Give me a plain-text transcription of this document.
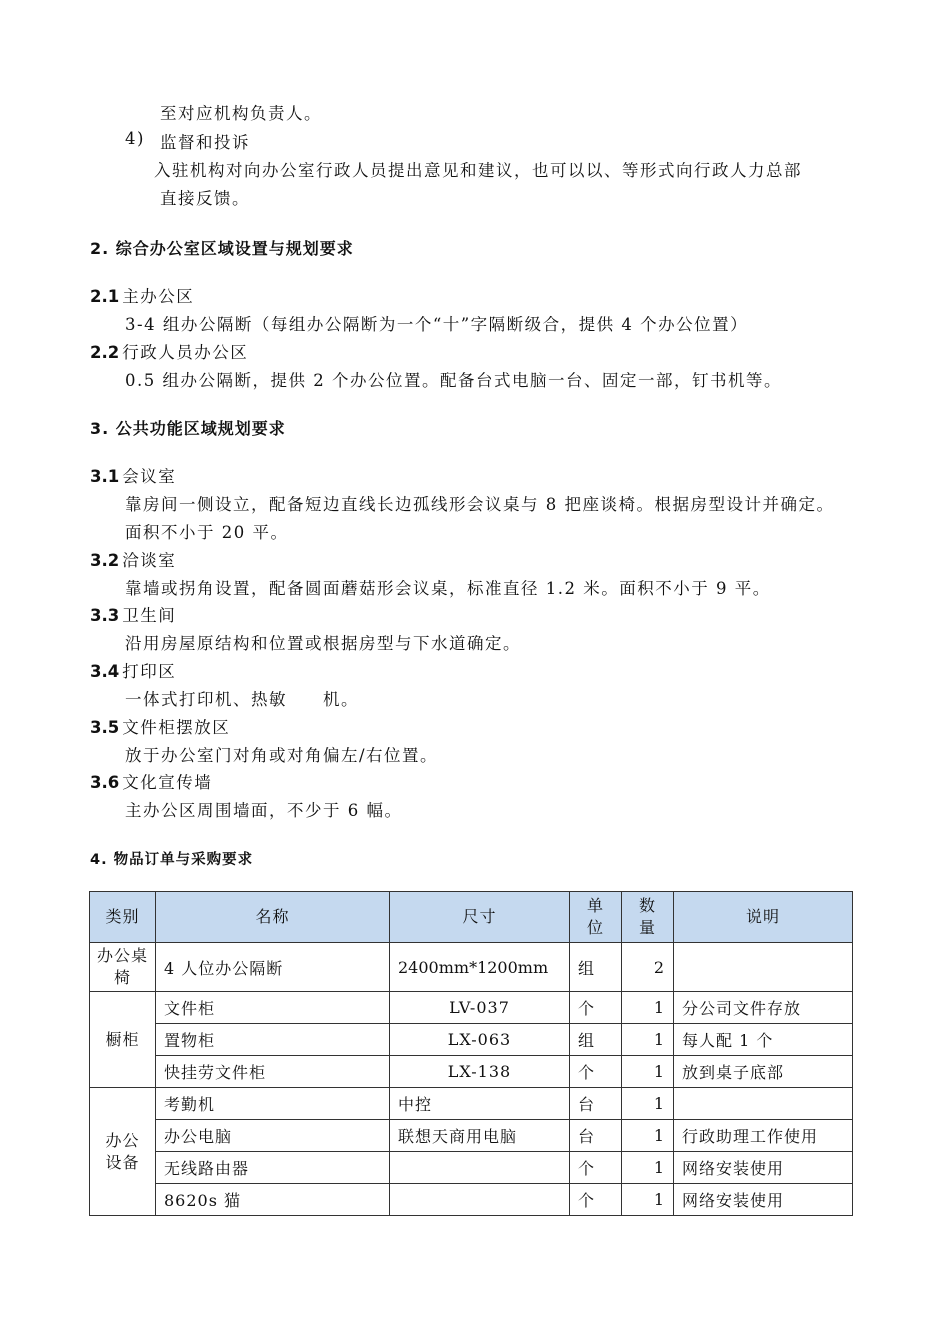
至对应机构负责人。
4) 监督和投诉
入驻机构对向办公室行政人员提出意见和建议，也可以以、等形式向行政人力总部
直接反馈。
2. 综合办公室区域设置与规划要求
2.1 主办公区
3-4 组办公隔断（每组办公隔断为一个“十”字隔断级合，提供 4 个办公位置）
2.2 行政人员办公区
0.5 组办公隔断，提供 2 个办公位置。配备台式电脑一台、固定一部，钉书机等。
3. 公共功能区域规划要求
3.1 会议室
靠房间一侧设立，配备短边直线长边孤线形会议桌与 8 把座谈椅。根据房型设计并确定。
面积不小于 20 平。
3.2 洽谈室
靠墙或拐角设置，配备圆面蘑菇形会议桌，标准直径 1.2 米。面积不小于 9 平。
3.3 卫生间
沿用房屋原结构和位置或根据房型与下水道确定。
3.4 打印区
一体式打印机、热敏　　机。
3.5 文件柜摆放区
放于办公室门对角或对角偏左/右位置。
3.6 文化宣传墙
主办公区周围墙面，不少于 6 幅。
4. 物品订单与采购要求
类别	名称	尺寸	单位	数量	说明
办公桌椅	4 人位办公隔断	2400mm*1200mm	组	2	
橱柜	文件柜	LV-037	个	1	分公司文件存放
	置物柜	LX-063	组	1	每人配 1 个
	快挂劳文件柜	LX-138	个	1	放到桌子底部
办公设备	考勤机	中控	台	1	
	办公电脑	联想天商用电脑	台	1	行政助理工作使用
	无线路由器		个	1	网络安装使用
	8620s 猫		个	1	网络安装使用
